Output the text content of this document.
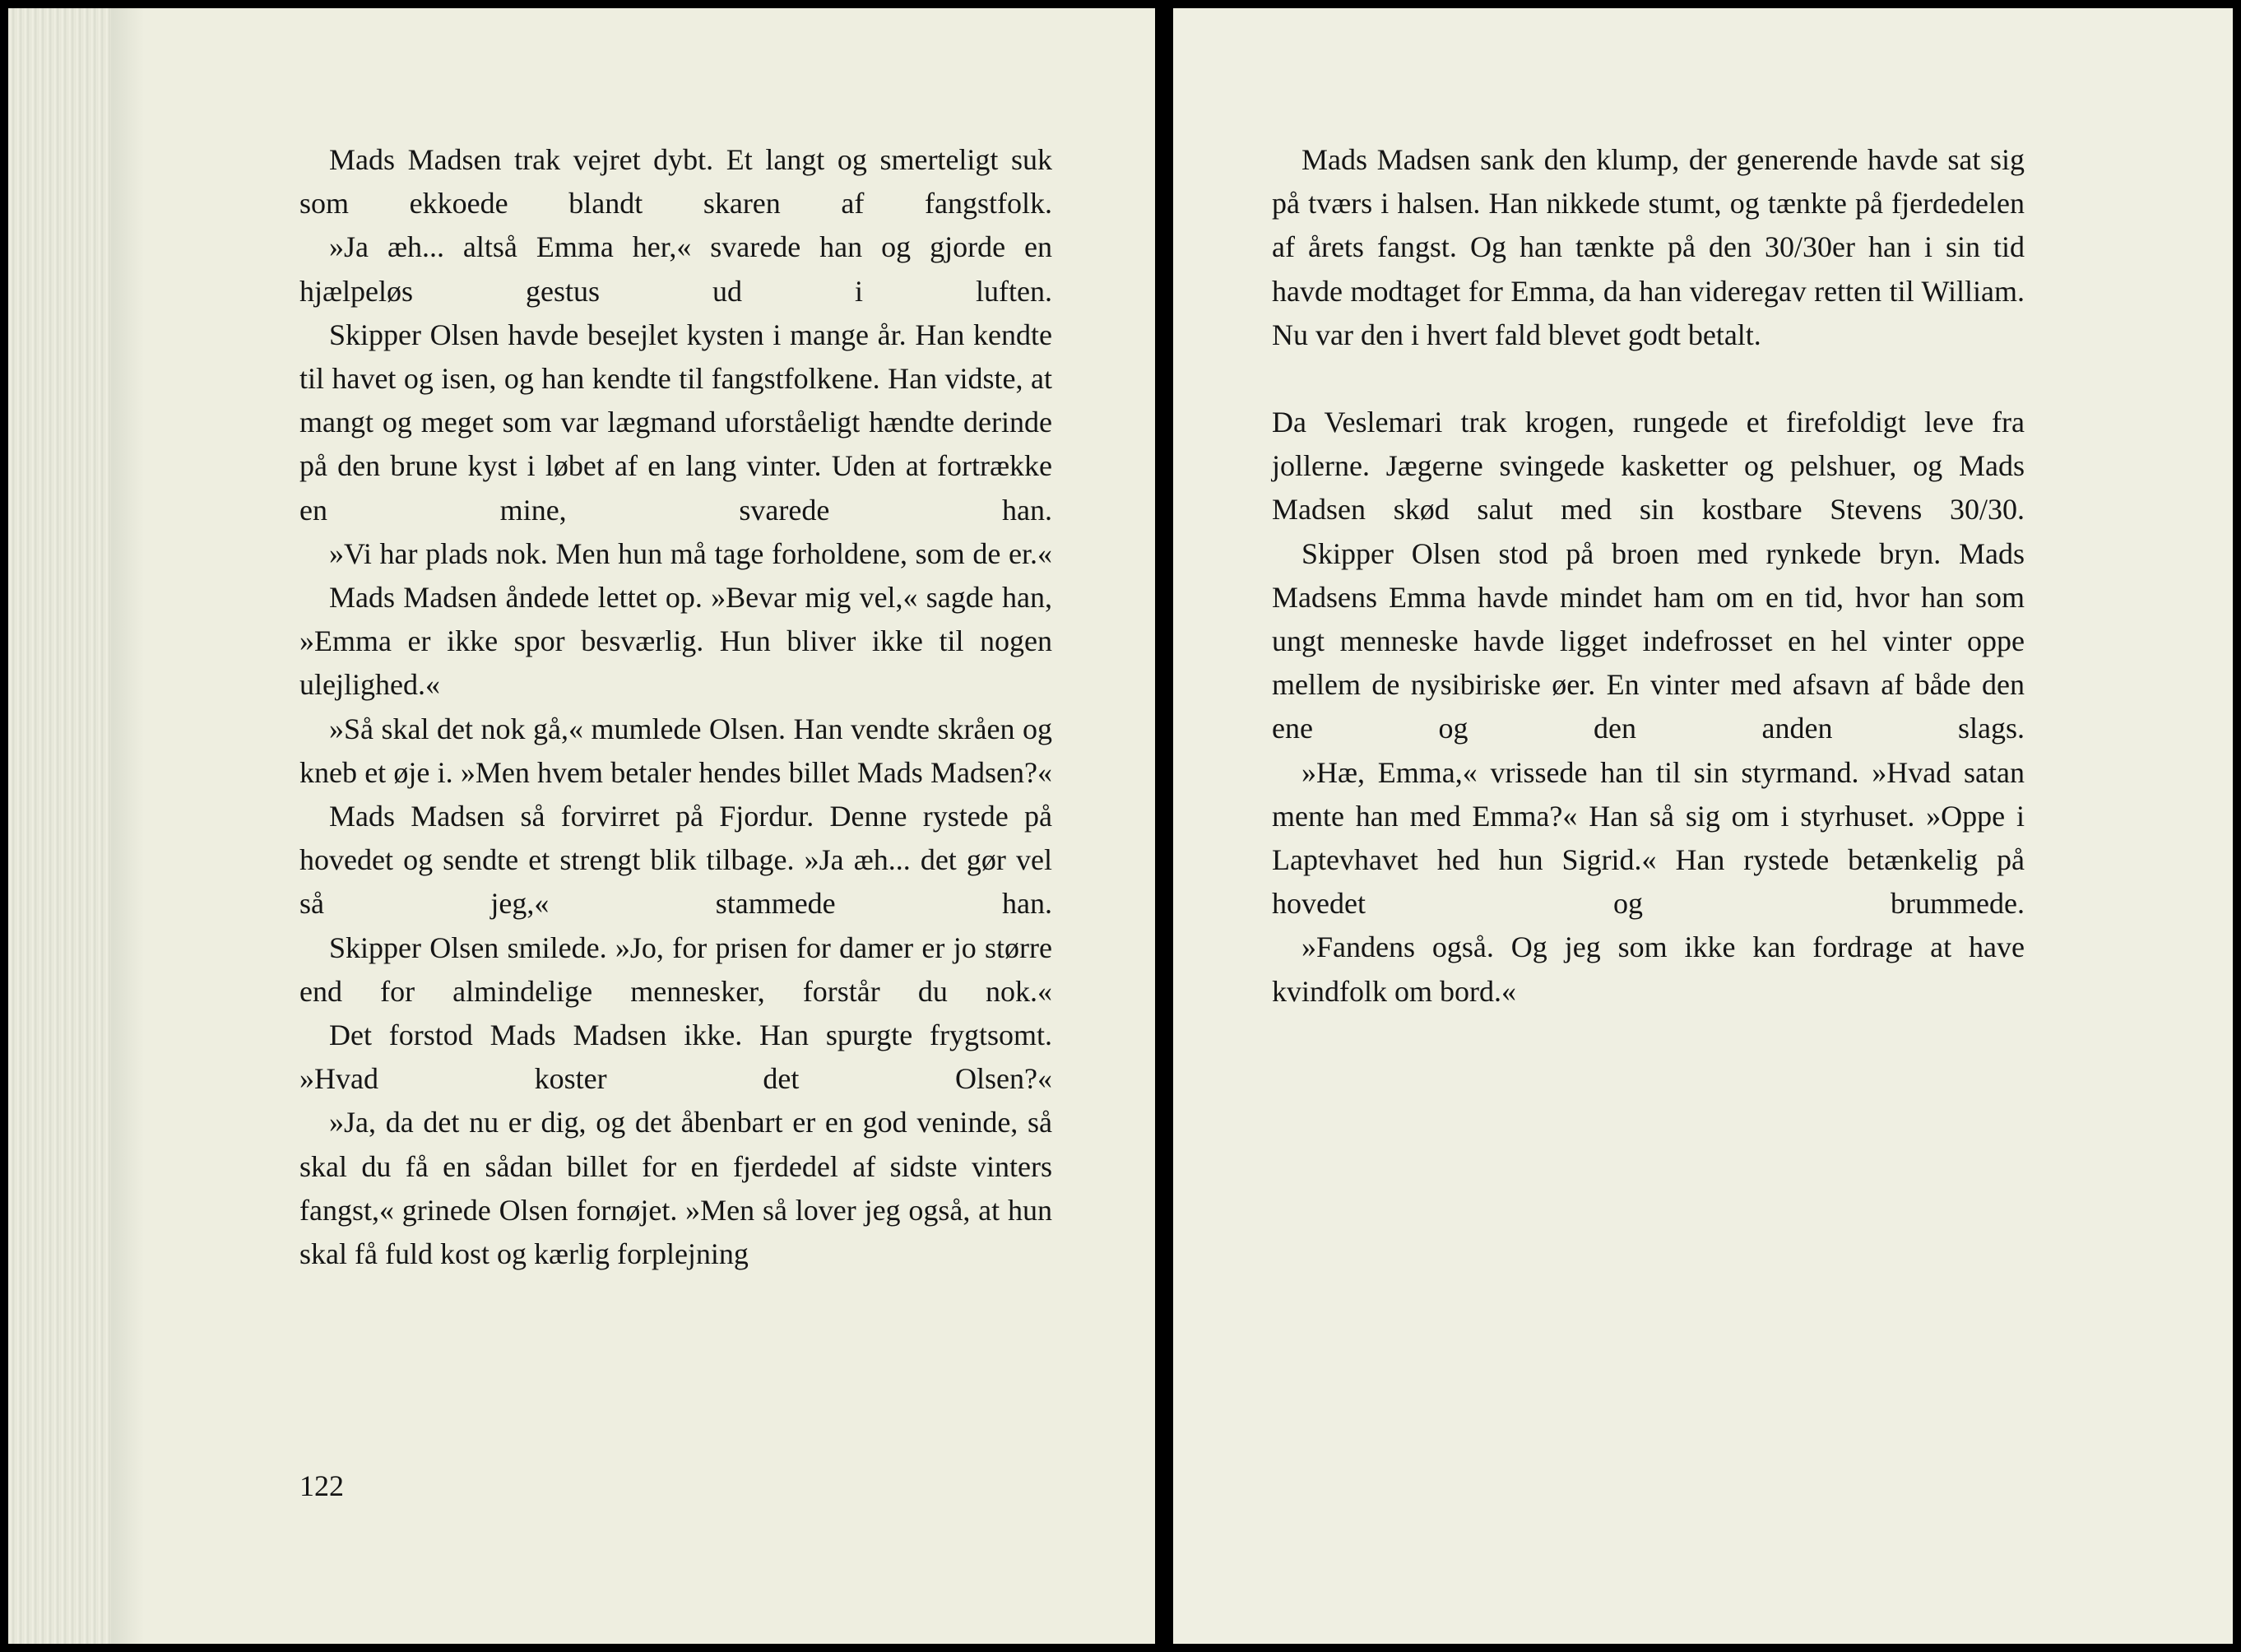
Mads Madsen trak vejret dybt. Et langt og smerteligt suk som ekkoede blandt skaren af fangstfolk.

»Ja æh... altså Emma her,« svarede han og gjorde en hjælpeløs gestus ud i luften.

Skipper Olsen havde besejlet kysten i mange år. Han kendte til havet og isen, og han kendte til fangstfolkene. Han vidste, at mangt og meget som var lægmand uforståeligt hændte derinde på den brune kyst i løbet af en lang vinter. Uden at fortrække en mine, svarede han.

»Vi har plads nok. Men hun må tage forholdene, som de er.«

Mads Madsen åndede lettet op. »Bevar mig vel,« sagde han, »Emma er ikke spor besværlig. Hun bliver ikke til nogen ulejlighed.«

»Så skal det nok gå,« mumlede Olsen. Han vendte skråen og kneb et øje i. »Men hvem betaler hendes billet Mads Madsen?«

Mads Madsen så forvirret på Fjordur. Denne rystede på hovedet og sendte et strengt blik tilbage. »Ja æh... det gør vel så jeg,« stammede han.

Skipper Olsen smilede. »Jo, for prisen for damer er jo større end for almindelige mennesker, forstår du nok.«

Det forstod Mads Madsen ikke. Han spurgte frygtsomt. »Hvad koster det Olsen?«

»Ja, da det nu er dig, og det åbenbart er en god veninde, så skal du få en sådan billet for en fjerdedel af sidste vinters fangst,« grinede Olsen fornøjet. »Men så lover jeg også, at hun skal få fuld kost og kærlig forplejning

122

Mads Madsen sank den klump, der generende havde sat sig på tværs i halsen. Han nikkede stumt, og tænkte på fjerdedelen af årets fangst. Og han tænkte på den 30/30er han i sin tid havde modtaget for Emma, da han videregav retten til William. Nu var den i hvert fald blevet godt betalt.

Da Veslemari trak krogen, rungede et firefoldigt leve fra jollerne. Jægerne svingede kasketter og pelshuer, og Mads Madsen skød salut med sin kostbare Stevens 30/30.

Skipper Olsen stod på broen med rynkede bryn. Mads Madsens Emma havde mindet ham om en tid, hvor han som ungt menneske havde ligget indefrosset en hel vinter oppe mellem de nysibiriske øer. En vinter med afsavn af både den ene og den anden slags.

»Hæ, Emma,« vrissede han til sin styrmand. »Hvad satan mente han med Emma?« Han så sig om i styrhuset. »Oppe i Laptevhavet hed hun Sigrid.« Han rystede betænkelig på hovedet og brummede.

»Fandens også. Og jeg som ikke kan fordrage at have kvindfolk om bord.«
